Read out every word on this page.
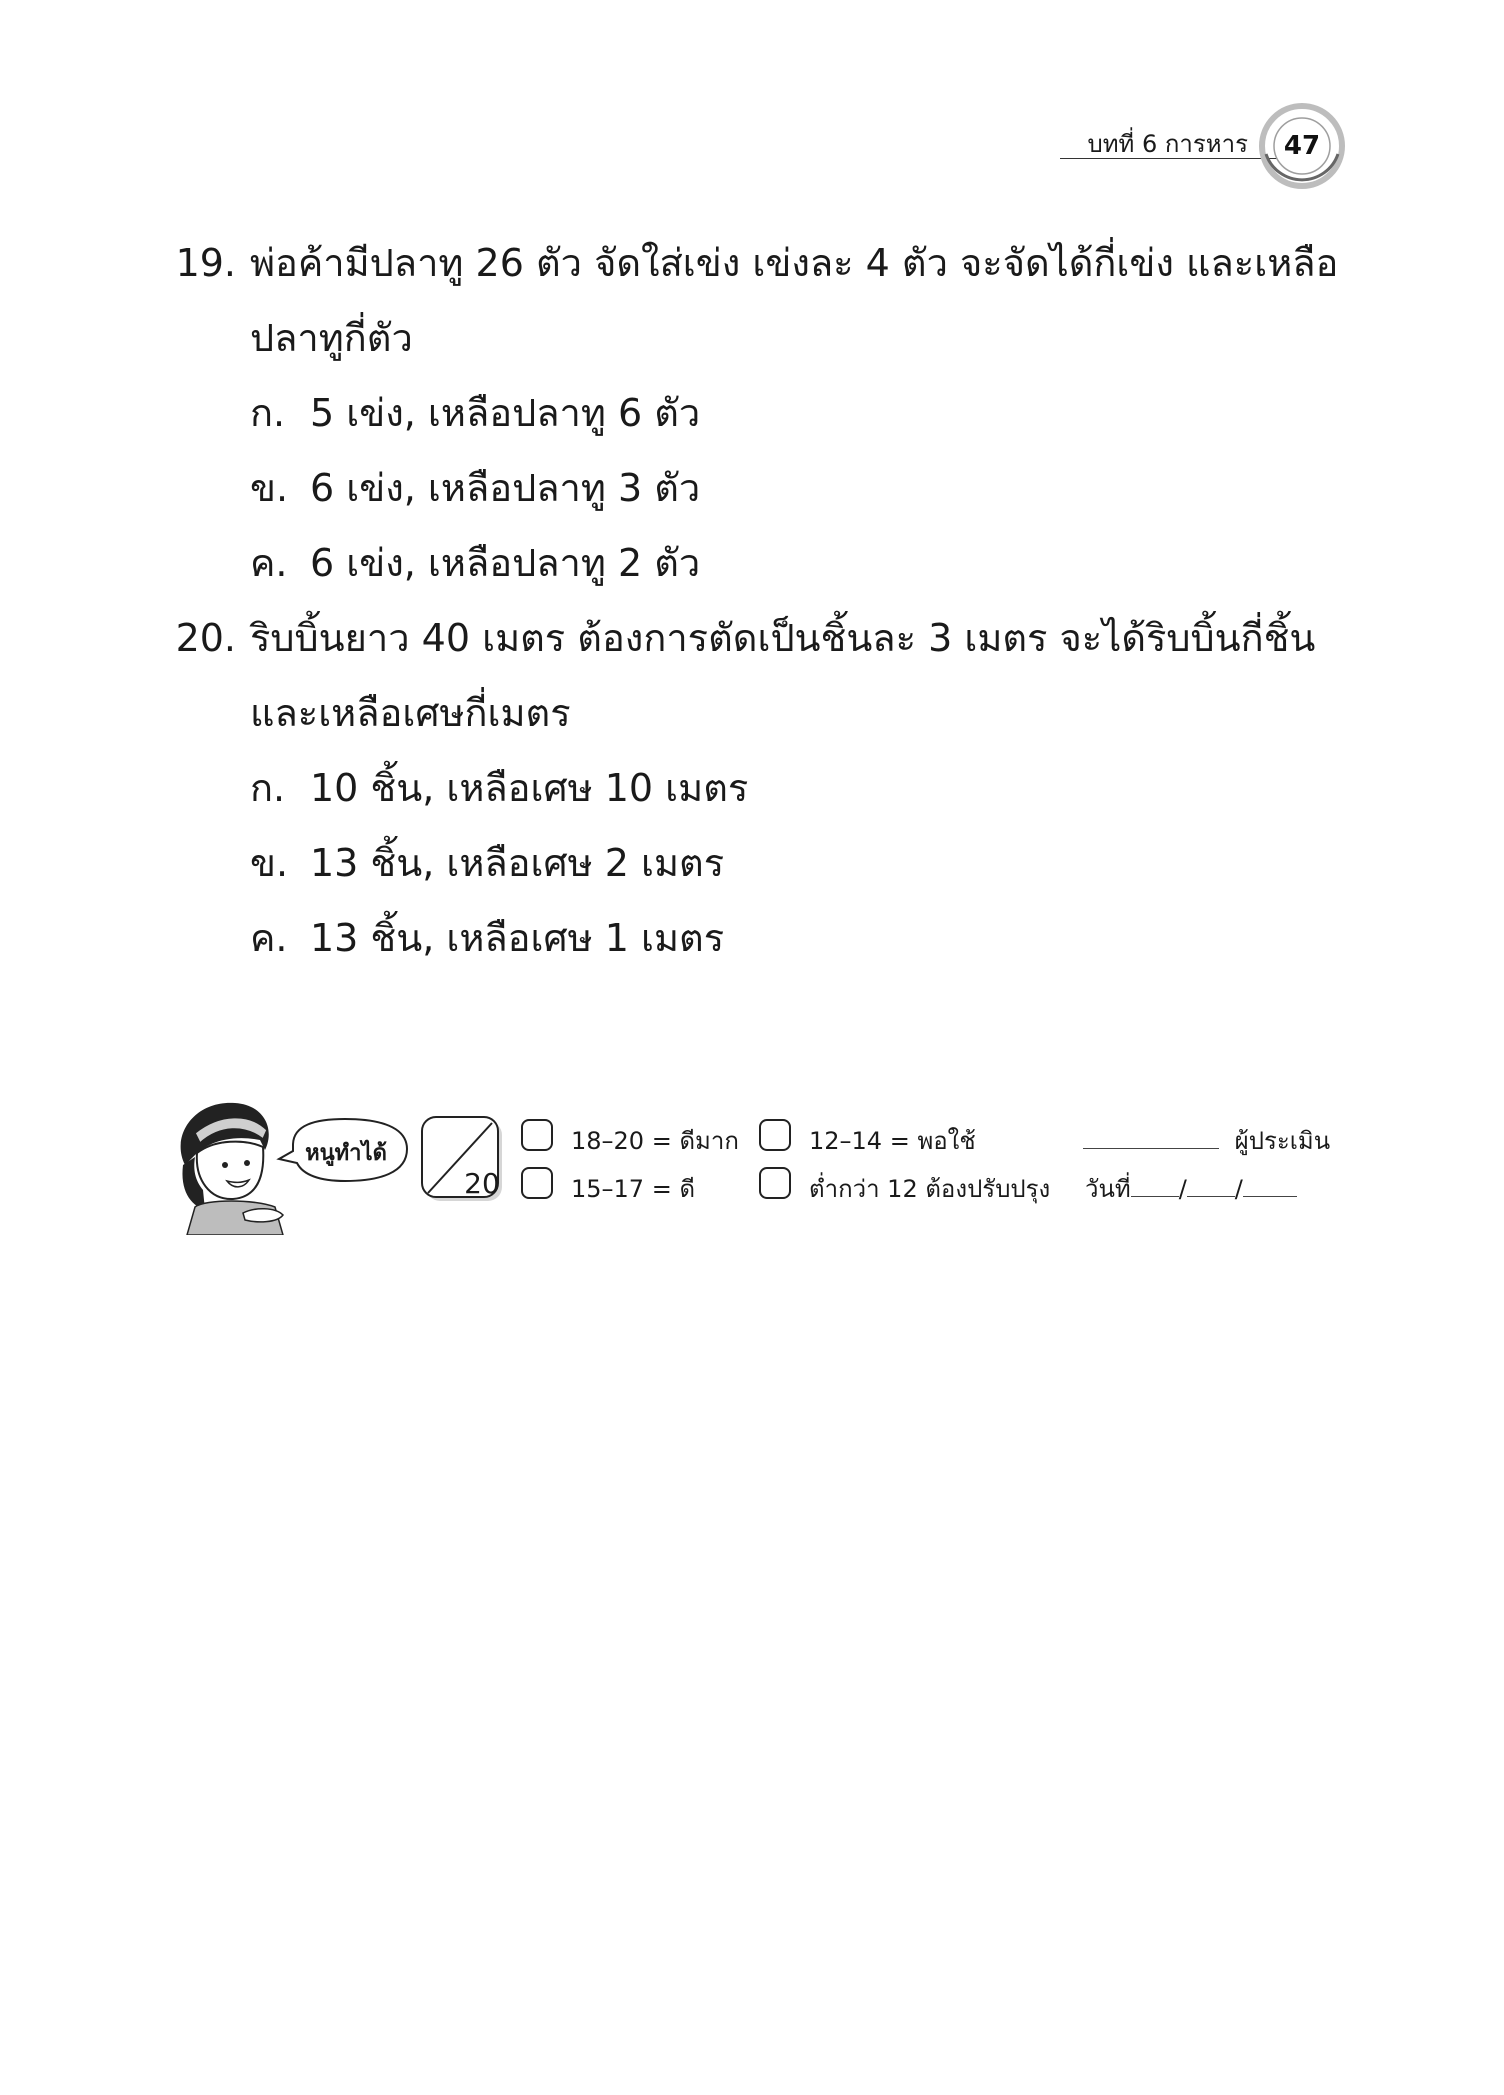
บทที่ 6 การหาร	47
19. พ่อค้ามีปลาทู 26 ตัว จัดใส่เข่ง เข่งละ 4 ตัว จะจัดได้กี่เข่ง และเหลือ
ปลาทูกี่ตัว
ก. 5 เข่ง, เหลือปลาทู 6 ตัว
ข. 6 เข่ง, เหลือปลาทู 3 ตัว
ค. 6 เข่ง, เหลือปลาทู 2 ตัว
20. ริบบิ้นยาว 40 เมตร ต้องการตัดเป็นชิ้นละ 3 เมตร จะได้ริบบิ้นกี่ชิ้น
และเหลือเศษกี่เมตร
ก. 10 ชิ้น, เหลือเศษ 10 เมตร
ข. 13 ชิ้น, เหลือเศษ 2 เมตร
ค. 13 ชิ้น, เหลือเศษ 1 เมตร
หนูทำได้
20
18–20 = ดีมาก
15–17 = ดี
12–14 = พอใช้
ต่ำกว่า 12 ต้องปรับปรุง
ผู้ประเมิน
วันที่ / /
